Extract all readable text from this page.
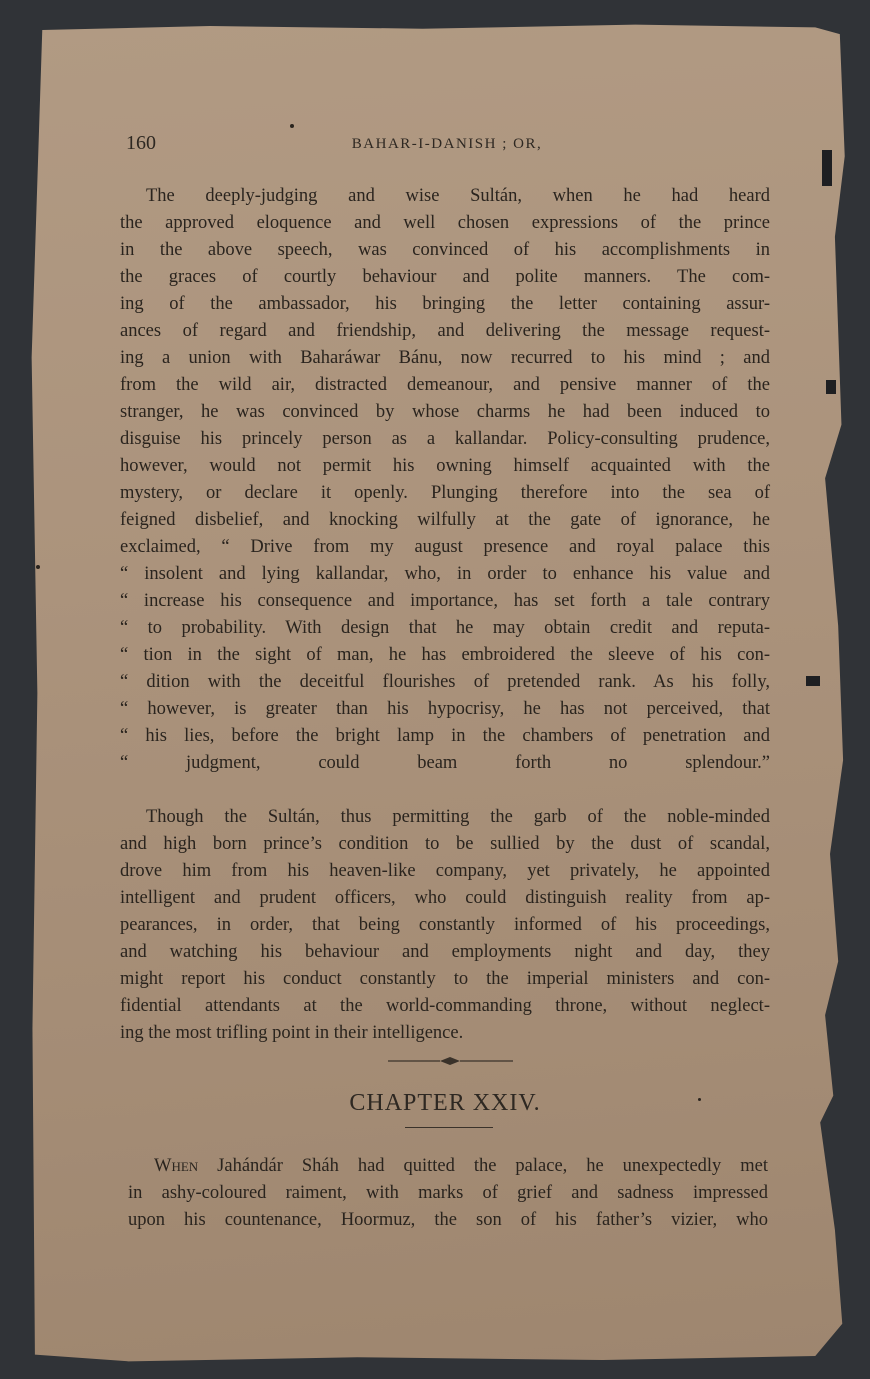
160	BAHAR-I-DANISH ; OR,
The deeply-judging and wise Sultán, when he had heard
the approved eloquence and well chosen expressions of the prince
in the above speech, was convinced of his accomplishments in
the graces of courtly behaviour and polite manners. The com-
ing of the ambassador, his bringing the letter containing assur-
ances of regard and friendship, and delivering the message request-
ing a union with Baharáwar Bánu, now recurred to his mind ; and
from the wild air, distracted demeanour, and pensive manner of the
stranger, he was convinced by whose charms he had been induced to
disguise his princely person as a kallandar. Policy-consulting prudence,
however, would not permit his owning himself acquainted with the
mystery, or declare it openly. Plunging therefore into the sea of
feigned disbelief, and knocking wilfully at the gate of ignorance, he
exclaimed, “ Drive from my august presence and royal palace this
“ insolent and lying kallandar, who, in order to enhance his value and
“ increase his consequence and importance, has set forth a tale contrary
“ to probability. With design that he may obtain credit and reputa-
“ tion in the sight of man, he has embroidered the sleeve of his con-
“ dition with the deceitful flourishes of pretended rank. As his folly,
“ however, is greater than his hypocrisy, he has not perceived, that
“ his lies, before the bright lamp in the chambers of penetration and
“ judgment, could beam forth no splendour.”
Though the Sultán, thus permitting the garb of the noble-minded
and high born prince’s condition to be sullied by the dust of scandal,
drove him from his heaven-like company, yet privately, he appointed
intelligent and prudent officers, who could distinguish reality from ap-
pearances, in order, that being constantly informed of his proceedings,
and watching his behaviour and employments night and day, they
might report his conduct constantly to the imperial ministers and con-
fidential attendants at the world-commanding throne, without neglect-
ing the most trifling point in their intelligence.
CHAPTER XXIV.
When Jahándár Sháh had quitted the palace, he unexpectedly met
in ashy-coloured raiment, with marks of grief and sadness impressed
upon his countenance, Hoormuz, the son of his father’s vizier, who
